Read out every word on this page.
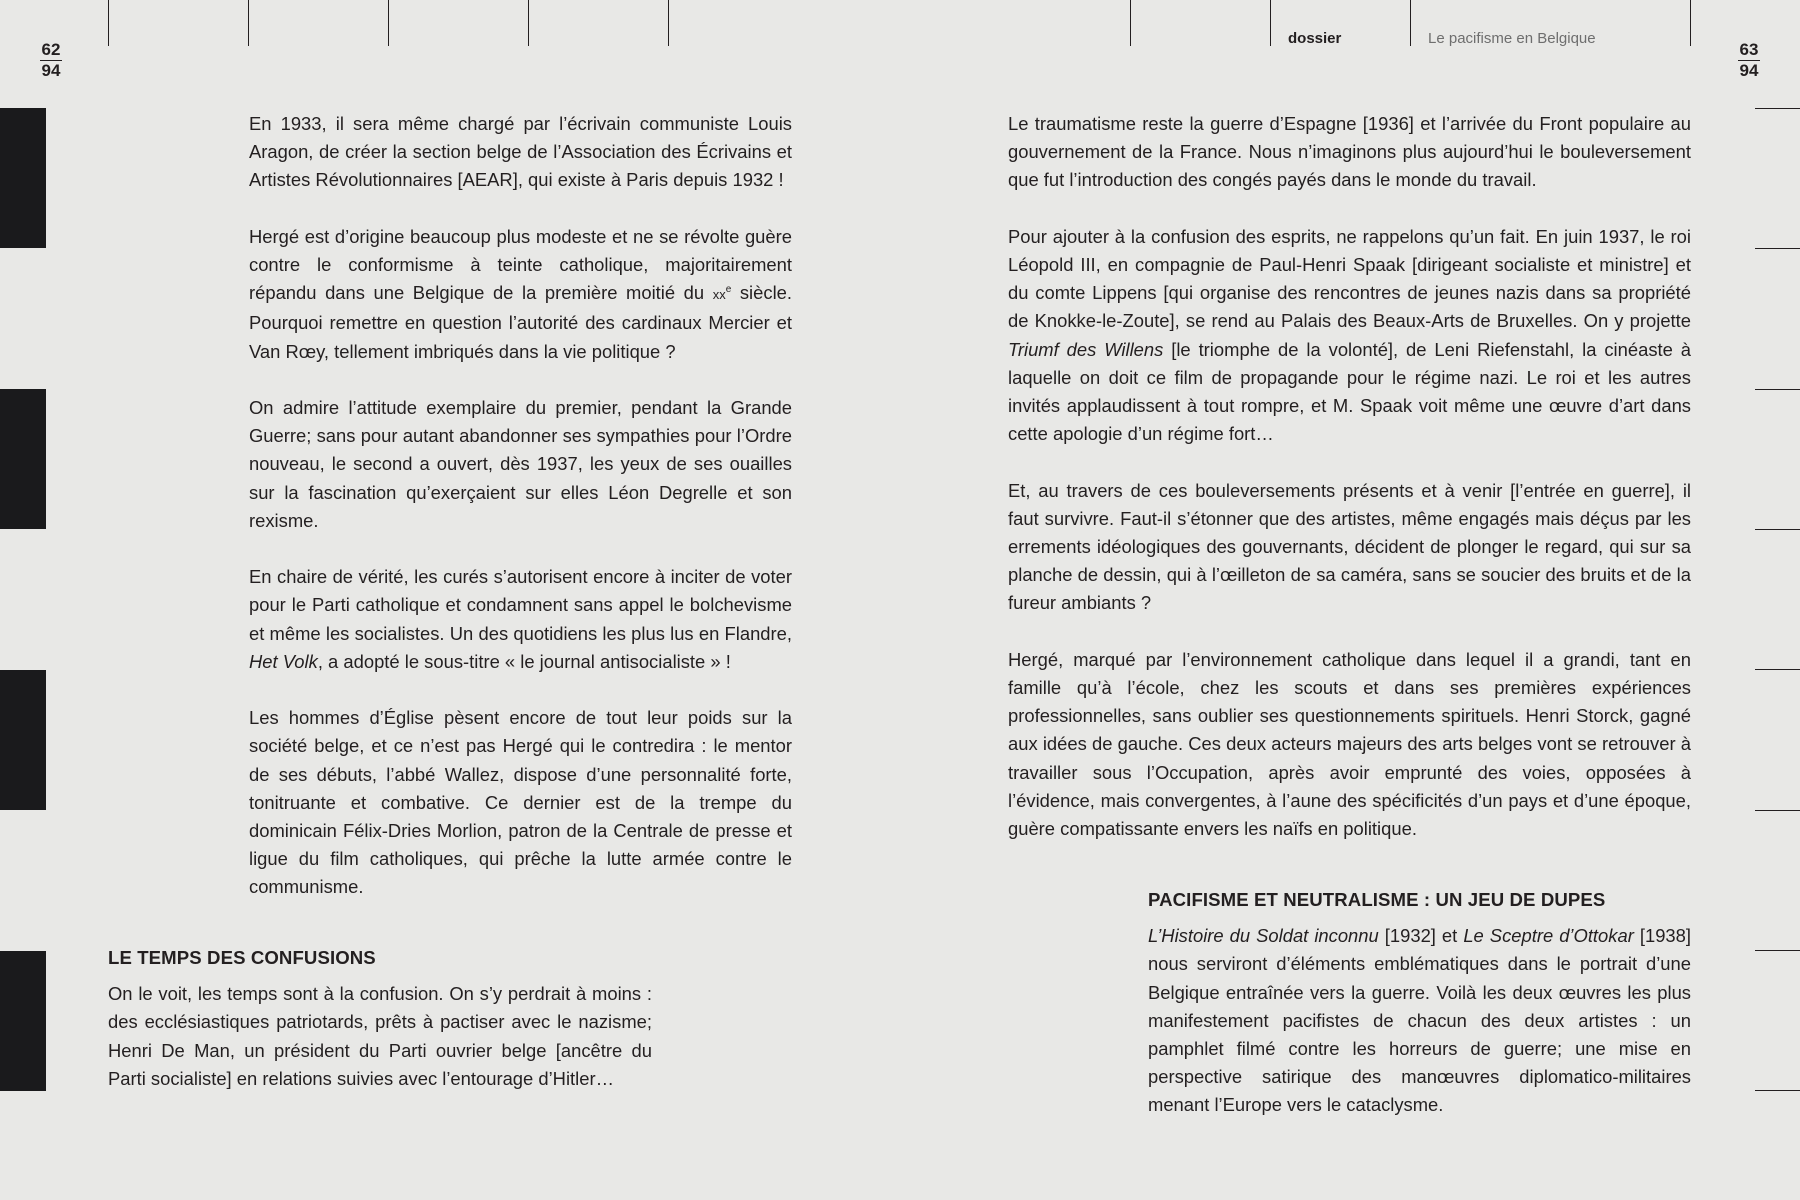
dossier	Le pacifisme en Belgique
62
94
63
94

En 1933, il sera même chargé par l’écrivain communiste Louis Aragon, de créer la section belge de l’Association des Écrivains et Artistes Révolutionnaires [AEAR], qui existe à Paris depuis 1932 !

Hergé est d’origine beaucoup plus modeste et ne se révolte guère contre le conformisme à teinte catholique, majoritairement répandu dans une Belgique de la première moitié du $xx^e$ siècle. Pourquoi remettre en question l’autorité des cardinaux Mercier et Van Rœy, tellement imbriqués dans la vie politique ?

On admire l’attitude exemplaire du premier, pendant la Grande Guerre; sans pour autant abandonner ses sympathies pour l’Ordre nouveau, le second a ouvert, dès 1937, les yeux de ses ouailles sur la fascination qu’exerçaient sur elles Léon Degrelle et son rexisme.

En chaire de vérité, les curés s’autorisent encore à inciter de voter pour le Parti catholique et condamnent sans appel le bolchevisme et même les socialistes. Un des quotidiens les plus lus en Flandre, Het Volk, a adopté le sous-titre « le journal antisocialiste » !

Les hommes d’Église pèsent encore de tout leur poids sur la société belge, et ce n’est pas Hergé qui le contredira : le mentor de ses débuts, l’abbé Wallez, dispose d’une personnalité forte, tonitruante et combative. Ce dernier est de la trempe du dominicain Félix-Dries Morlion, patron de la Centrale de presse et ligue du film catholiques, qui prêche la lutte armée contre le communisme.

LE TEMPS DES CONFUSIONS

On le voit, les temps sont à la confusion. On s’y perdrait à moins : des ecclésiastiques patriotards, prêts à pactiser avec le nazisme; Henri De Man, un président du Parti ouvrier belge [ancêtre du Parti socialiste] en relations suivies avec l’entourage d’Hitler…

Le traumatisme reste la guerre d’Espagne [1936] et l’arrivée du Front populaire au gouvernement de la France. Nous n’imaginons plus aujourd’hui le bouleversement que fut l’introduction des congés payés dans le monde du travail.

Pour ajouter à la confusion des esprits, ne rappelons qu’un fait. En juin 1937, le roi Léopold III, en compagnie de Paul-Henri Spaak [dirigeant socialiste et ministre] et du comte Lippens [qui organise des rencontres de jeunes nazis dans sa propriété de Knokke-le-Zoute], se rend au Palais des Beaux-Arts de Bruxelles. On y projette Triumf des Willens [le triomphe de la volonté], de Leni Riefenstahl, la cinéaste à laquelle on doit ce film de propagande pour le régime nazi. Le roi et les autres invités applaudissent à tout rompre, et M. Spaak voit même une œuvre d’art dans cette apologie d’un régime fort…

Et, au travers de ces bouleversements présents et à venir [l’entrée en guerre], il faut survivre. Faut-il s’étonner que des artistes, même engagés mais déçus par les errements idéologiques des gouvernants, décident de plonger le regard, qui sur sa planche de dessin, qui à l’œilleton de sa caméra, sans se soucier des bruits et de la fureur ambiants ?

Hergé, marqué par l’environnement catholique dans lequel il a grandi, tant en famille qu’à l’école, chez les scouts et dans ses premières expériences professionnelles, sans oublier ses questionnements spirituels. Henri Storck, gagné aux idées de gauche. Ces deux acteurs majeurs des arts belges vont se retrouver à travailler sous l’Occupation, après avoir emprunté des voies, opposées à l’évidence, mais convergentes, à l’aune des spécificités d’un pays et d’une époque, guère compatissante envers les naïfs en politique.

PACIFISME ET NEUTRALISME : UN JEU DE DUPES

L’Histoire du Soldat inconnu [1932] et Le Sceptre d’Ottokar [1938] nous serviront d’éléments emblématiques dans le portrait d’une Belgique entraînée vers la guerre. Voilà les deux œuvres les plus manifestement pacifistes de chacun des deux artistes : un pamphlet filmé contre les horreurs de guerre; une mise en perspective satirique des manœuvres diplomatico-militaires menant l’Europe vers le cataclysme.
